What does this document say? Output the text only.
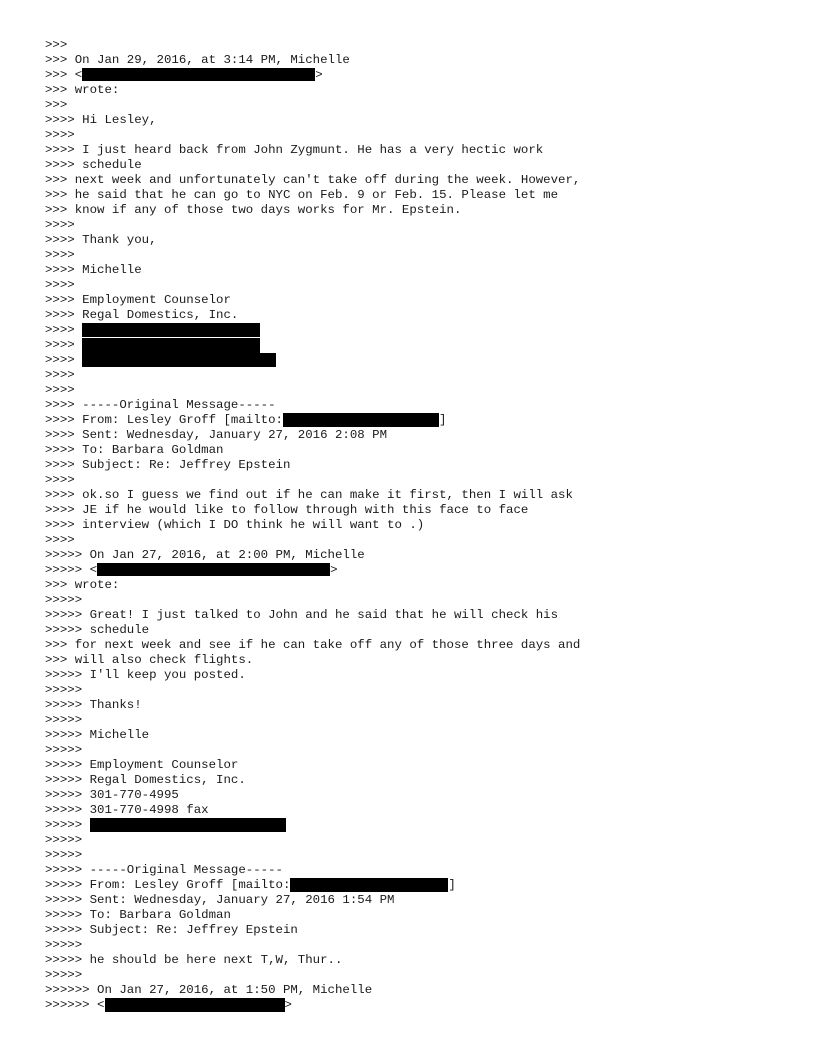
>>>
>>> On Jan 29, 2016, at 3:14 PM, Michelle
>>> <	>
>>> wrote:
>>>
>>>> Hi Lesley,
>>>>
>>>> I just heard back from John Zygmunt. He has a very hectic work
>>>> schedule
>>> next week and unfortunately can't take off during the week. However,
>>> he said that he can go to NYC on Feb. 9 or Feb. 15. Please let me
>>> know if any of those two days works for Mr. Epstein.
>>>>
>>>> Thank you,
>>>>
>>>> Michelle
>>>>
>>>> Employment Counselor
>>>> Regal Domestics, Inc.
>>>>
>>>>
>>>>
>>>>
>>>>
>>>> -----Original Message-----
>>>> From: Lesley Groff [mailto:	]
>>>> Sent: Wednesday, January 27, 2016 2:08 PM
>>>> To: Barbara Goldman
>>>> Subject: Re: Jeffrey Epstein
>>>>
>>>> ok.so I guess we find out if he can make it first, then I will ask
>>>> JE if he would like to follow through with this face to face
>>>> interview (which I DO think he will want to .)
>>>>
>>>>> On Jan 27, 2016, at 2:00 PM, Michelle
>>>>> <	>
>>> wrote:
>>>>>
>>>>> Great! I just talked to John and he said that he will check his
>>>>> schedule
>>> for next week and see if he can take off any of those three days and
>>> will also check flights.
>>>>> I'll keep you posted.
>>>>>
>>>>> Thanks!
>>>>>
>>>>> Michelle
>>>>>
>>>>> Employment Counselor
>>>>> Regal Domestics, Inc.
>>>>> 301-770-4995
>>>>> 301-770-4998 fax
>>>>>
>>>>>
>>>>>
>>>>> -----Original Message-----
>>>>> From: Lesley Groff [mailto:	]
>>>>> Sent: Wednesday, January 27, 2016 1:54 PM
>>>>> To: Barbara Goldman
>>>>> Subject: Re: Jeffrey Epstein
>>>>>
>>>>> he should be here next T,W, Thur..
>>>>>
>>>>>> On Jan 27, 2016, at 1:50 PM, Michelle
>>>>>> <	>
